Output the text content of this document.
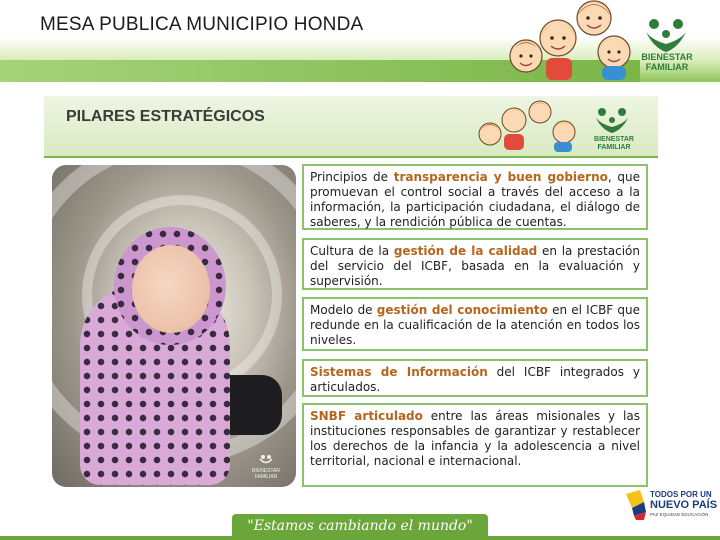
MESA PUBLICA MUNICIPIO HONDA
BIENESTAR
FAMILIAR
PILARES ESTRATÉGICOS
BIENESTAR
FAMILIAR
BIENESTAR FAMILIAR
Principios de transparencia y buen gobierno, que promuevan el control social a través del acceso a la información, la participación ciudadana, el diálogo de saberes, y la rendición pública de cuentas.
Cultura de la gestión de la calidad en la prestación del servicio del ICBF, basada en la evaluación y supervisión.
Modelo de gestión del conocimiento en el ICBF que redunde en la cualificación de la atención en todos los niveles.
Sistemas de Información del ICBF integrados y articulados.
SNBF articulado entre las áreas misionales y las instituciones responsables de garantizar y restablecer los derechos de la infancia y la adolescencia a nivel territorial, nacional e internacional.
"Estamos cambiando el mundo"
TODOS POR UN
NUEVO PAÍS
PAZ EQUIDAD EDUCACIÓN
